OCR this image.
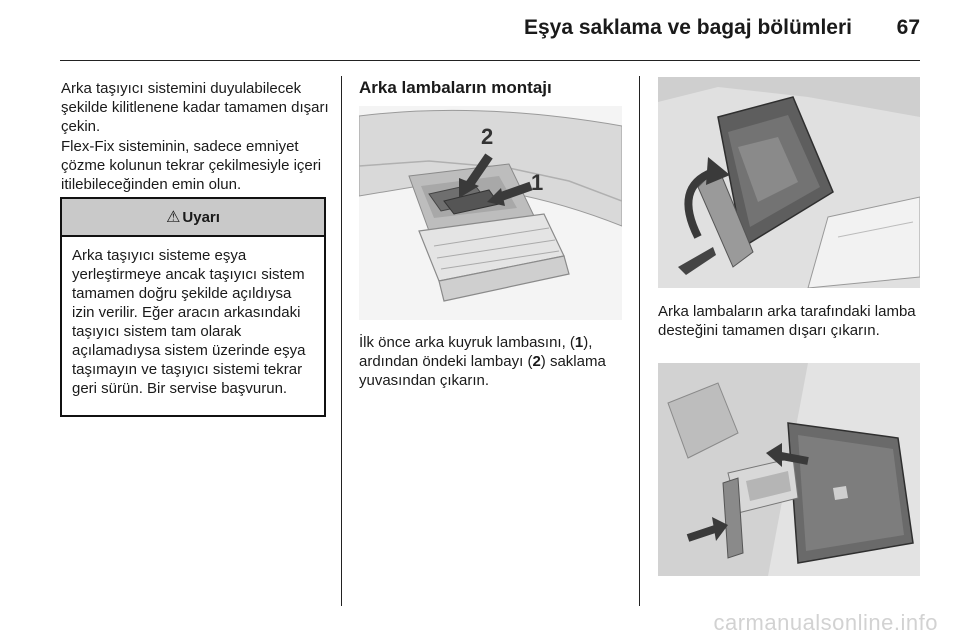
Eşya saklama ve bagaj bölümleri 67
Arka taşıyıcı sistemini duyulabilecek şekilde kilitlenene kadar tamamen dışarı çekin.
Flex-Fix sisteminin, sadece emniyet çözme kolunun tekrar çekilmesiyle içeri itilebileceğinden emin olun.
⚠ Uyarı
Arka taşıyıcı sisteme eşya yerleştirmeye ancak taşıyıcı sistem tamamen doğru şekilde açıldıysa izin verilir. Eğer aracın arkasındaki taşıyıcı sistem tam olarak açılamadıysa sistem üzerinde eşya taşımayın ve taşıyıcı sistemi tekrar geri sürün. Bir servise başvurun.
Arka lambaların montajı
2
1
İlk önce arka kuyruk lambasını, (1), ardından öndeki lambayı (2) saklama yuvasından çıkarın.
Arka lambaların arka tarafındaki lamba desteğini tamamen dışarı çıkarın.
carmanualsonline.info
